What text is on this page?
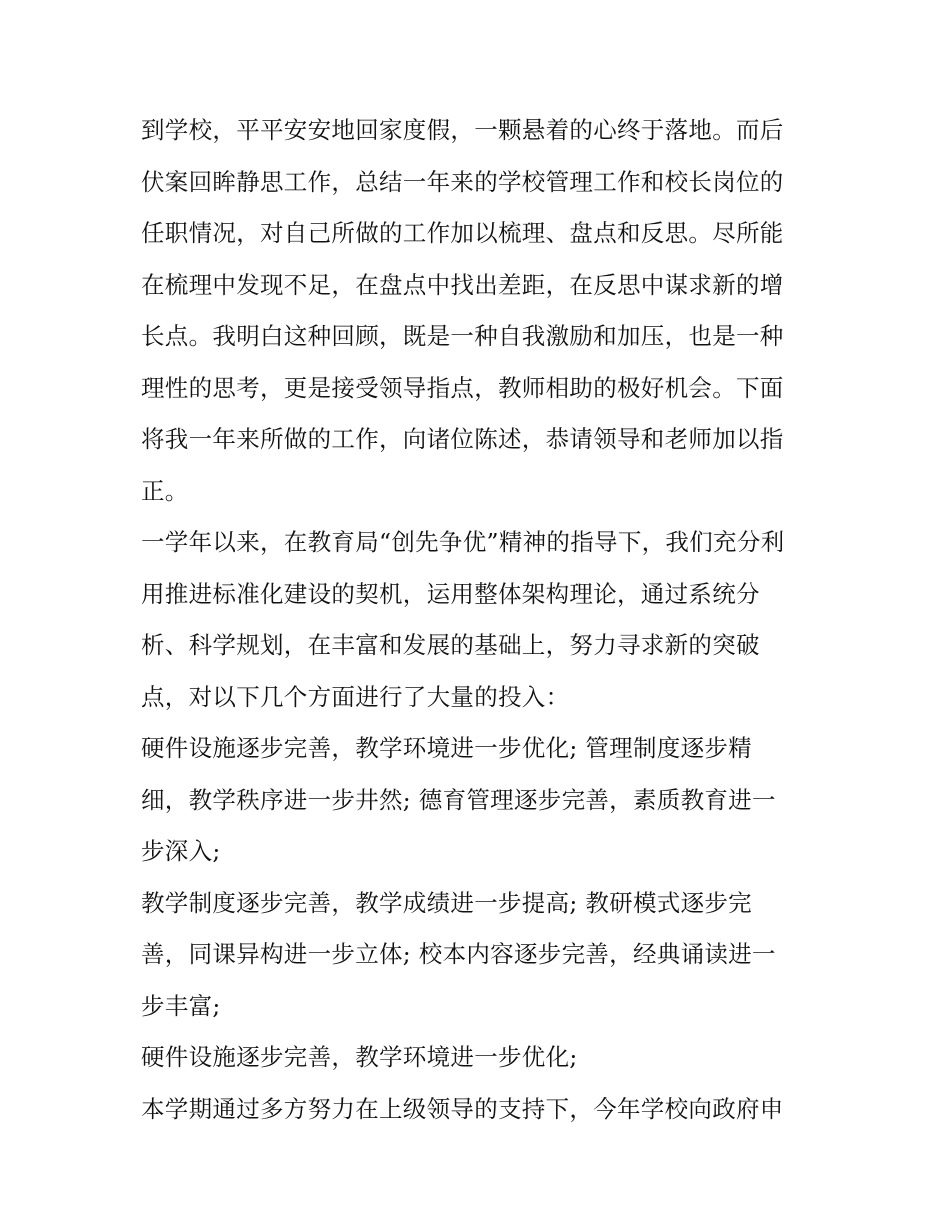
到学校，平平安安地回家度假，一颗悬着的心终于落地。而后
伏案回眸静思工作，总结一年来的学校管理工作和校长岗位的
任职情况，对自己所做的工作加以梳理、盘点和反思。尽所能
在梳理中发现不足，在盘点中找出差距，在反思中谋求新的增
长点。我明白这种回顾，既是一种自我激励和加压，也是一种
理性的思考，更是接受领导指点，教师相助的极好机会。下面
将我一年来所做的工作，向诸位陈述，恭请领导和老师加以指
正。
一学年以来，在教育局“创先争优”精神的指导下，我们充分利
用推进标准化建设的契机，运用整体架构理论，通过系统分
析、科学规划，在丰富和发展的基础上，努力寻求新的突破
点，对以下几个方面进行了大量的投入：
硬件设施逐步完善，教学环境进一步优化; 管理制度逐步精
细，教学秩序进一步井然; 德育管理逐步完善，素质教育进一
步深入;
教学制度逐步完善，教学成绩进一步提高; 教研模式逐步完
善，同课异构进一步立体; 校本内容逐步完善，经典诵读进一
步丰富;
硬件设施逐步完善，教学环境进一步优化;
本学期通过多方努力在上级领导的支持下，今年学校向政府申
